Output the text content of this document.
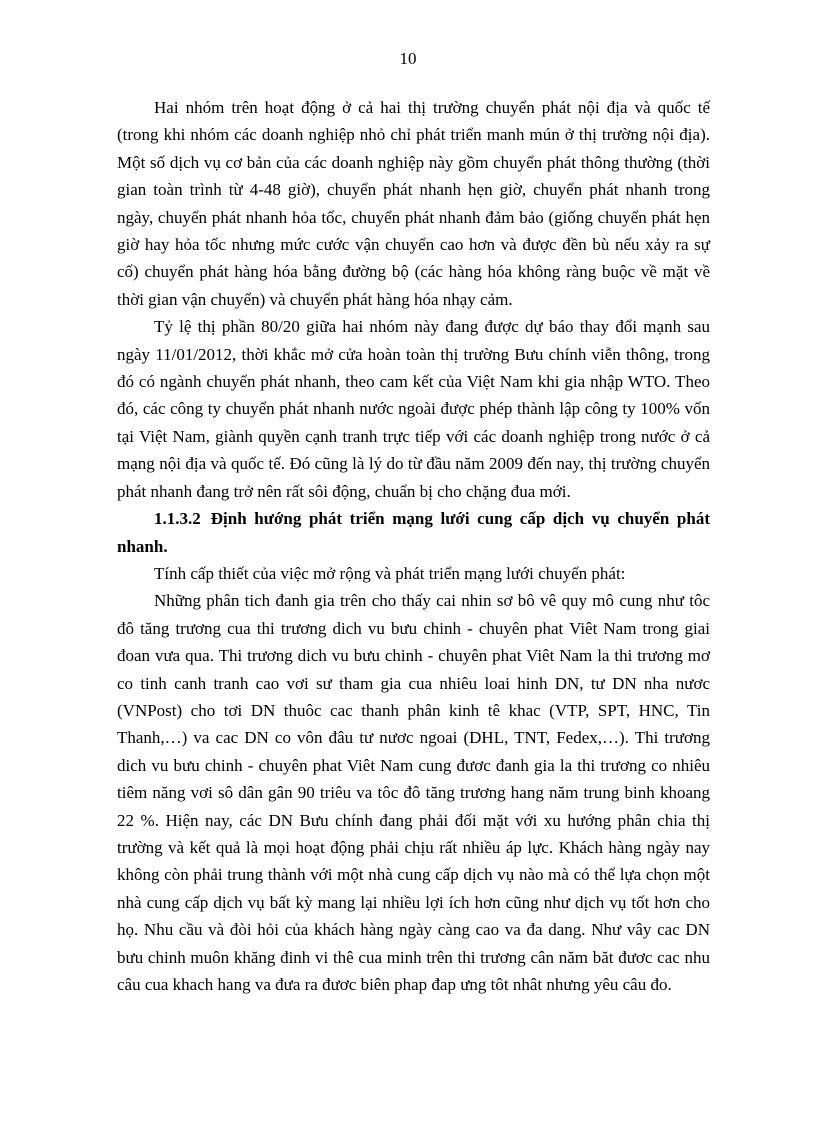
10

Hai nhóm trên hoạt động ở cả hai thị trường chuyển phát nội địa và quốc tế (trong khi nhóm các doanh nghiệp nhỏ chỉ phát triển manh mún ở thị trường nội địa). Một số dịch vụ cơ bản của các doanh nghiệp này gồm chuyển phát thông thường (thời gian toàn trình từ 4-48 giờ), chuyển phát nhanh hẹn giờ, chuyển phát nhanh trong ngày, chuyển phát nhanh hỏa tốc, chuyển phát nhanh đảm bảo (giống chuyển phát hẹn giờ hay hỏa tốc nhưng mức cước vận chuyển cao hơn và được đền bù nếu xảy ra sự cố) chuyển phát hàng hóa bằng đường bộ (các hàng hóa không ràng buộc về mặt về thời gian vận chuyển) và chuyển phát hàng hóa nhạy cảm.

Tỷ lệ thị phần 80/20 giữa hai nhóm này đang được dự báo thay đổi mạnh sau ngày 11/01/2012, thời khắc mở cửa hoàn toàn thị trường Bưu chính viễn thông, trong đó có ngành chuyển phát nhanh, theo cam kết của Việt Nam khi gia nhập WTO. Theo đó, các công ty chuyển phát nhanh nước ngoài được phép thành lập công ty 100% vốn tại Việt Nam, giành quyền cạnh tranh trực tiếp với các doanh nghiệp trong nước ở cả mạng nội địa và quốc tế. Đó cũng là lý do từ đầu năm 2009 đến nay, thị trường chuyển phát nhanh đang trở nên rất sôi động, chuẩn bị cho chặng đua mới.

1.1.3.2 Định hướng phát triển mạng lưới cung cấp dịch vụ chuyển phát nhanh.

Tính cấp thiết của việc mở rộng và phát triển mạng lưới chuyển phát:

Những phân tich đanh gia trên cho thấy cai nhin sơ bô vê quy mô cung như tôc đô tăng trương cua thi trương dich vu bưu chinh - chuyên phat Viêt Nam trong giai đoan vưa qua. Thi trương dich vu bưu chinh - chuyên phat Viêt Nam la thi trương mơ co tinh canh tranh cao vơi sư tham gia cua nhiêu loai hinh DN, tư DN nha nươc (VNPost) cho tơi DN thuôc cac thanh phân kinh tê khac (VTP, SPT, HNC, Tin Thanh,…) va cac DN co vôn đâu tư nươc ngoai (DHL, TNT, Fedex,…). Thi trương dich vu bưu chinh - chuyên phat Viêt Nam cung đươc đanh gia la thi trương co nhiêu tiêm năng vơi sô dân gân 90 triêu va tôc đô tăng trương hang năm trung binh khoang 22 %. Hiện nay, các DN Bưu chính đang phải đối mặt với xu hướng phân chia thị trường và kết quả là mọi hoạt động phải chịu rất nhiều áp lực. Khách hàng ngày nay không còn phải trung thành với một nhà cung cấp dịch vụ nào mà có thể lựa chọn một nhà cung cấp dịch vụ bất kỳ mang lại nhiều lợi ích hơn cũng như dịch vụ tốt hơn cho họ. Nhu cầu và đòi hỏi của khách hàng ngày càng cao va đa dang. Như vây cac DN bưu chinh muôn khăng đinh vi thê cua minh trên thi trương cân năm băt đươc cac nhu câu cua khach hang va đưa ra đươc biên phap đap ưng tôt nhât nhưng yêu câu đo.
